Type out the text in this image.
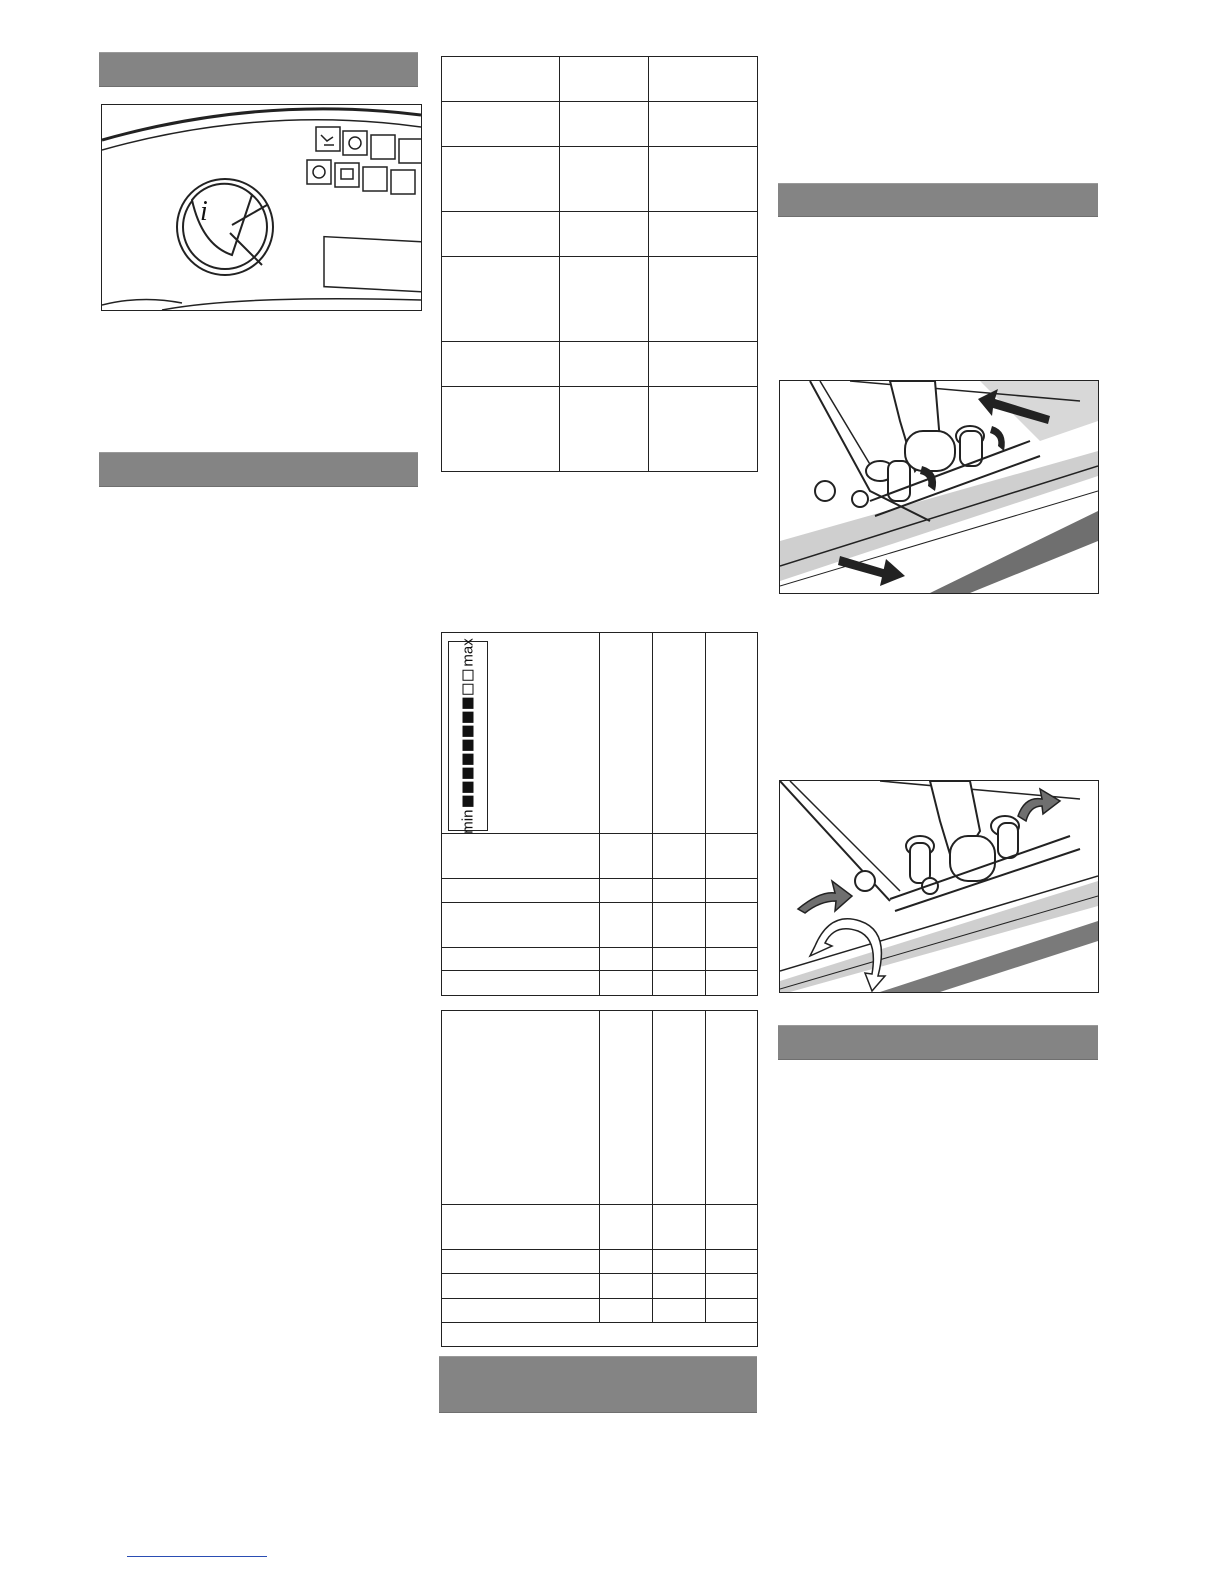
i

min
max
